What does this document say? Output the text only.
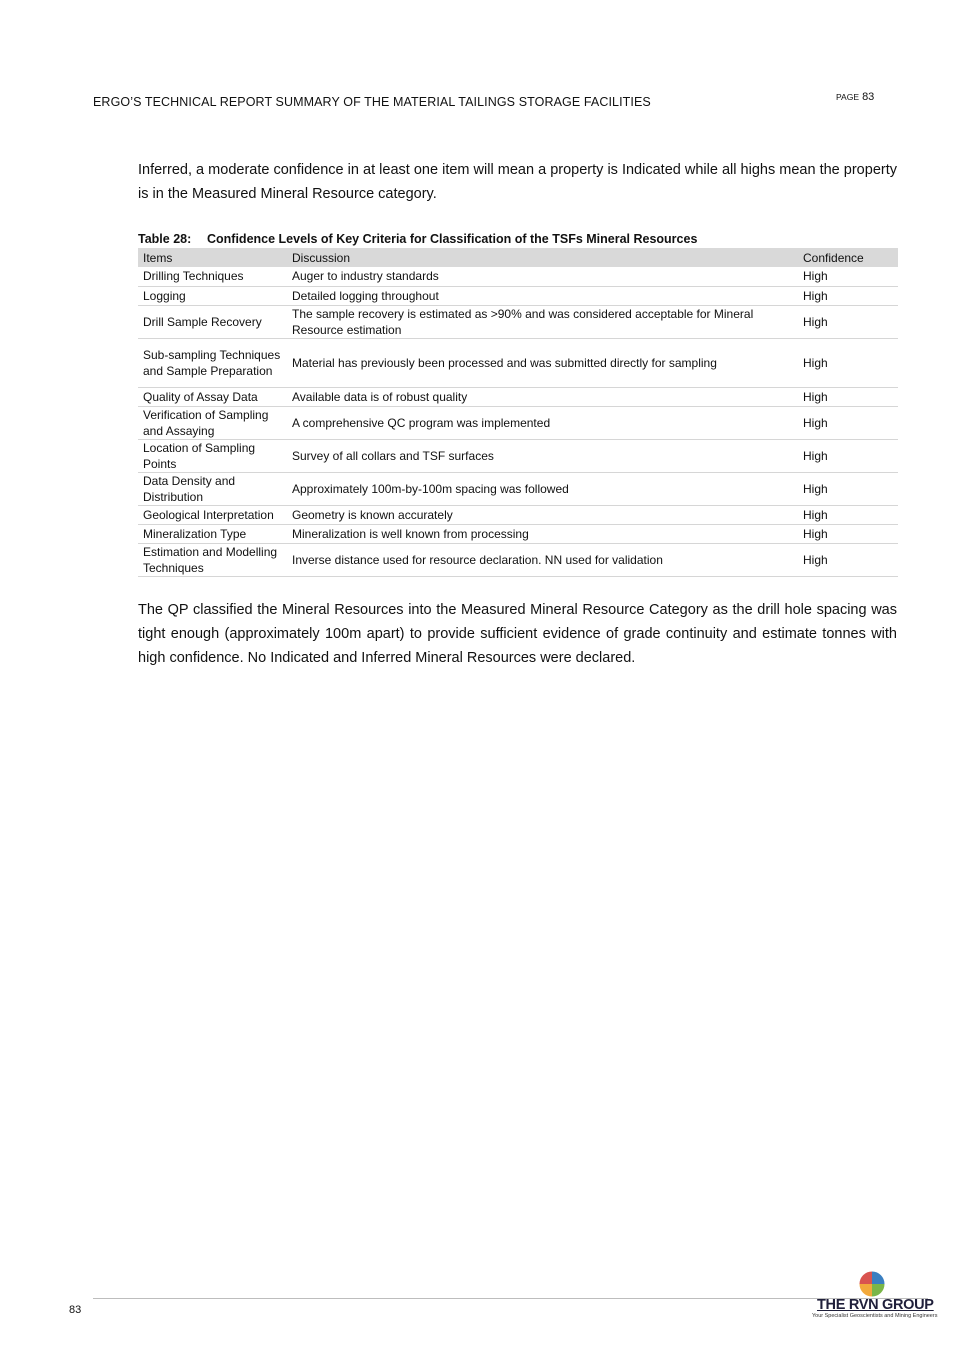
ERGO’S TECHNICAL REPORT SUMMARY OF THE MATERIAL TAILINGS STORAGE FACILITIES	PAGE 83

Inferred, a moderate confidence in at least one item will mean a property is Indicated while all highs mean the property is in the Measured Mineral Resource category.

Table 28: Confidence Levels of Key Criteria for Classification of the TSFs Mineral Resources
Items	Discussion	Confidence
Drilling Techniques	Auger to industry standards	High
Logging	Detailed logging throughout	High
Drill Sample Recovery	The sample recovery is estimated as >90% and was considered acceptable for Mineral Resource estimation	High
Sub-sampling Techniques and Sample Preparation	Material has previously been processed and was submitted directly for sampling	High
Quality of Assay Data	Available data is of robust quality	High
Verification of Sampling and Assaying	A comprehensive QC program was implemented	High
Location of Sampling Points	Survey of all collars and TSF surfaces	High
Data Density and Distribution	Approximately 100m-by-100m spacing was followed	High
Geological Interpretation	Geometry is known accurately	High
Mineralization Type	Mineralization is well known from processing	High
Estimation and Modelling Techniques	Inverse distance used for resource declaration. NN used for validation	High

The QP classified the Mineral Resources into the Measured Mineral Resource Category as the drill hole spacing was tight enough (approximately 100m apart) to provide sufficient evidence of grade continuity and estimate tonnes with high confidence. No Indicated and Inferred Mineral Resources were declared.

83	THE RVN GROUP
Your Specialist Geoscientists and Mining Engineers
